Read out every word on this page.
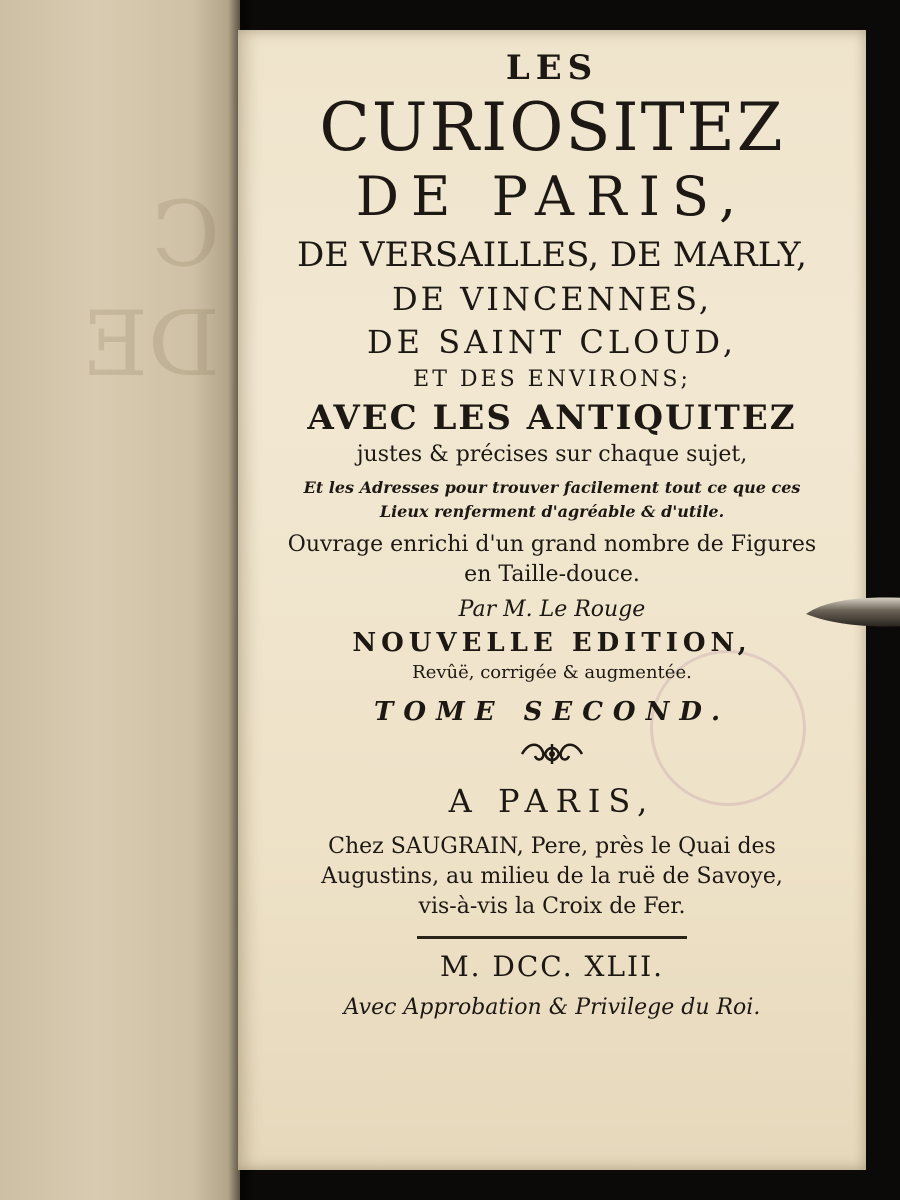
C
DE

LES
CURIOSITEZ
DE PARIS,
DE VERSAILLES, DE MARLY,
DE VINCENNES,
DE SAINT CLOUD,
ET DES ENVIRONS;
AVEC LES ANTIQUITEZ
justes & précises sur chaque sujet,
Et les Adresses pour trouver facilement tout ce que ces
Lieux renferment d'agréable & d'utile.
Ouvrage enrichi d'un grand nombre de Figures
en Taille-douce.
Par M. Le Rouge
NOUVELLE EDITION,
Revûë, corrigée & augmentée.
TOME SECOND.
A PARIS,
Chez SAUGRAIN, Pere, près le Quai des
Augustins, au milieu de la ruë de Savoye,
vis-à-vis la Croix de Fer.
M. DCC. XLII.
Avec Approbation & Privilege du Roi.
